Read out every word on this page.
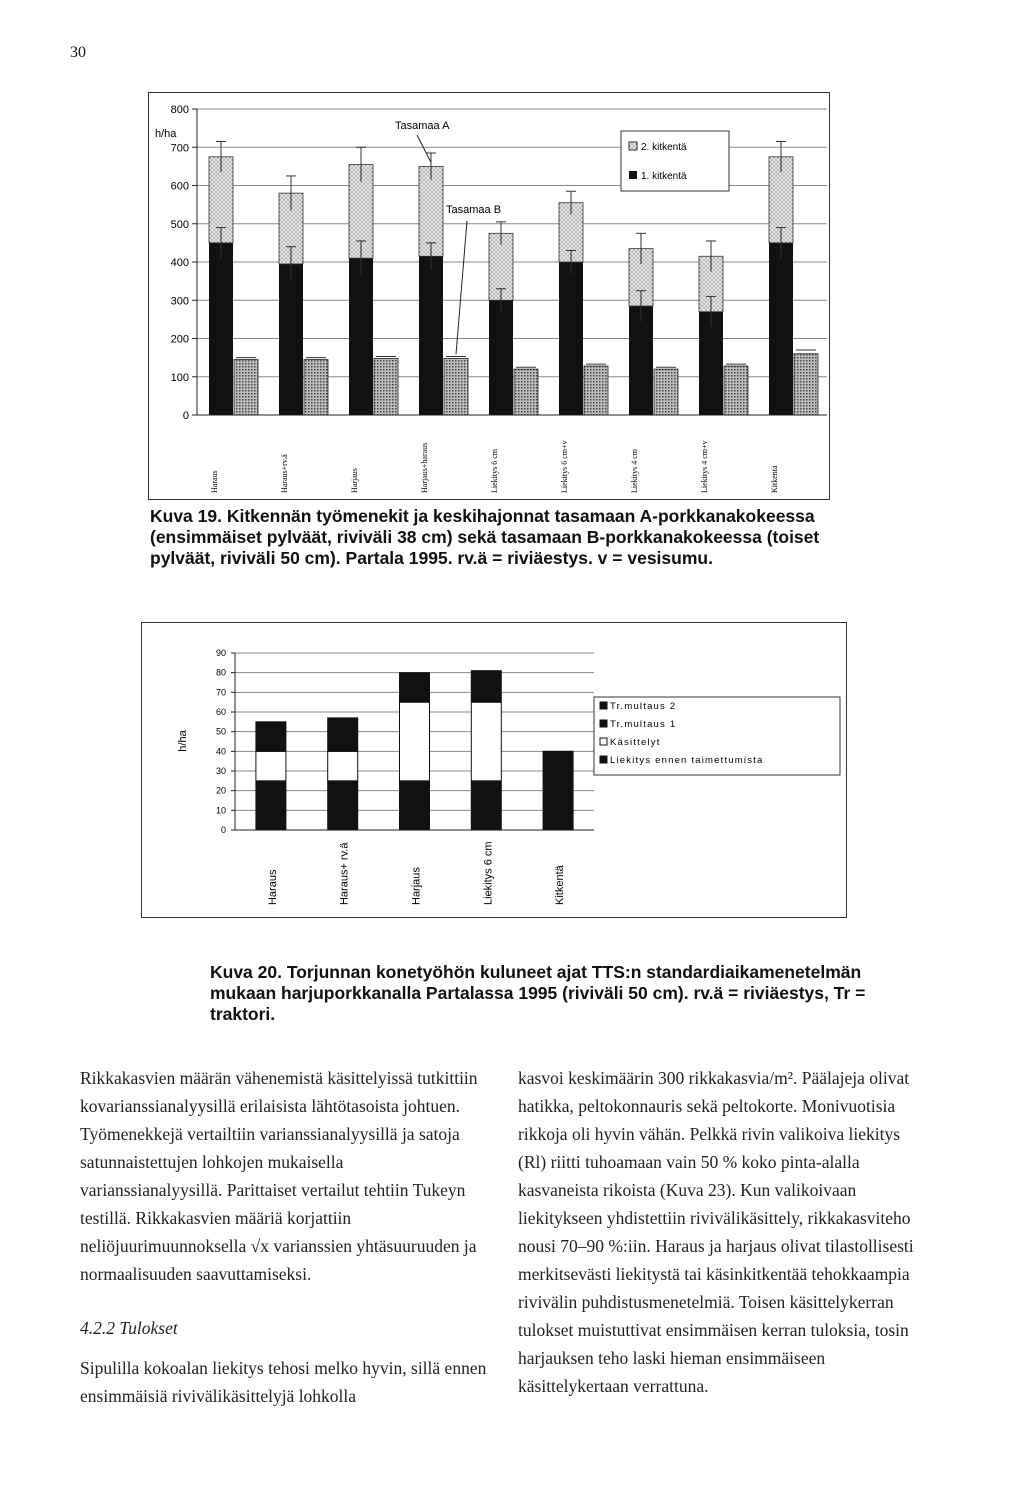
30
0
100
200
300
400
500
600
700
800
h/ha
Haraus	Haraus+rv.ä	Harjaus	Harjaus+haraus	Liekitys 6 cm	Liekitys 6 cm+v	Liekitys 4 cm	Liekitys 4 cm+v	Kitkentä
Tasamaa A
Tasamaa B
2. kitkentä
1. kitkentä
Kuva 19. Kitkennän työmenekit ja keskihajonnat tasamaan A-porkkanakokeessa (ensimmäiset pylväät, riviväli 38 cm) sekä tasamaan B-porkkanakokeessa (toiset pylväät, riviväli 50 cm). Partala 1995. rv.ä = riviäestys. v = vesisumu.
0
10
20
30
40
50
60
70
80
90
h/ha
Haraus	Haraus+ rv.ä	Harjaus	Liekitys 6 cm	Kitkentä
Tr.multaus 2
Tr.multaus 1
Käsittelyt
Liekitys ennen taimettumista
Kuva 20. Torjunnan konetyöhön kuluneet ajat TTS:n standardiaikamenetelmän mukaan harjuporkkanalla Partalassa 1995 (riviväli 50 cm). rv.ä = riviäestys, Tr = traktori.

Rikkakasvien määrän vähenemistä käsittelyissä tutkittiin kovarianssianalyysillä erilaisista lähtötasoista johtuen. Työmenekkejä vertailtiin varianssianalyysillä ja satoja satunnaistettujen lohkojen mukaisella varianssianalyysillä. Parittaiset vertailut tehtiin Tukeyn testillä. Rikkakasvien määriä korjattiin neliöjuurimuunnoksella √x varianssien yhtäsuuruuden ja normaalisuuden saavuttamiseksi.

4.2.2 Tulokset

Sipulilla kokoalan liekitys tehosi melko hyvin, sillä ennen ensimmäisiä rivivälikäsittelyjä lohkolla

kasvoi keskimäärin 300 rikkakasvia/m². Päälajeja olivat hatikka, peltokonnauris sekä peltokorte. Monivuotisia rikkoja oli hyvin vähän. Pelkkä rivin valikoiva liekitys (Rl) riitti tuhoamaan vain 50 % koko pinta-alalla kasvaneista rikoista (Kuva 23). Kun valikoivaan liekitykseen yhdistettiin rivivälikäsittely, rikkakasviteho nousi 70–90 %:iin. Haraus ja harjaus olivat tilastollisesti merkitsevästi liekitystä tai käsinkitkentää tehokkaampia rivivälin puhdistusmenetelmiä. Toisen käsittelykerran tulokset muistuttivat ensimmäisen kerran tuloksia, tosin harjauksen teho laski hieman ensimmäiseen käsittelykertaan verrattuna.
